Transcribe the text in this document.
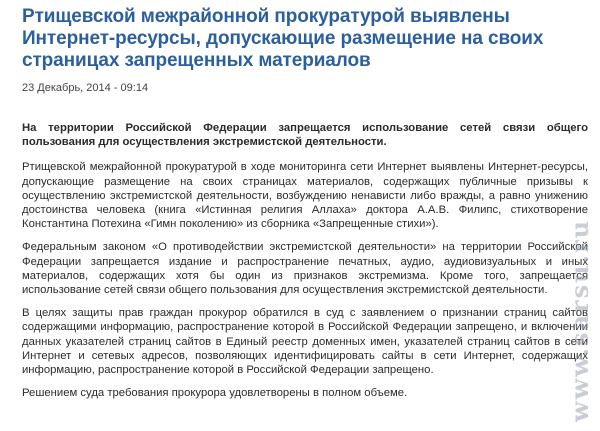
Ртищевской межрайонной прокуратурой выявлены Интернет-ресурсы, допускающие размещение на своих страницах запрещенных материалов
23 Декабрь, 2014 - 09:14

На территории Российской Федерации запрещается использование сетей связи общего пользования для осуществления экстремистской деятельности.

Ртищевской межрайонной прокуратурой в ходе мониторинга сети Интернет выявлены Интернет-ресурсы, допускающие размещение на своих страницах материалов, содержащих публичные призывы к осуществлению экстремистской деятельности, возбуждению ненависти либо вражды, а равно унижению достоинства человека (книга «Истинная религия Аллаха» доктора А.А.В. Филипс, стихотворение Константина Потехина «Гимн поколению» из сборника «Запрещенные стихи»).

Федеральным законом «О противодействии экстремистской деятельности» на территории Российской Федерации запрещается издание и распространение печатных, аудио, аудиовизуальных и иных материалов, содержащих хотя бы один из признаков экстремизма. Кроме того, запрещается использование сетей связи общего пользования для осуществления экстремистской деятельности.

В целях защиты прав граждан прокурор обратился в суд с заявлением о признании страниц сайтов содержащими информацию, распространение которой в Российской Федерации запрещено, и включении данных указателей страниц сайтов в Единый реестр доменных имен, указателей страниц сайтов в сети Интернет и сетевых адресов, позволяющих идентифицировать сайты в сети Интернет, содержащих информацию, распространение которой в Российской Федерации запрещено.

Решением суда требования прокурора удовлетворены в полном объеме.	www.sarsu.ru
